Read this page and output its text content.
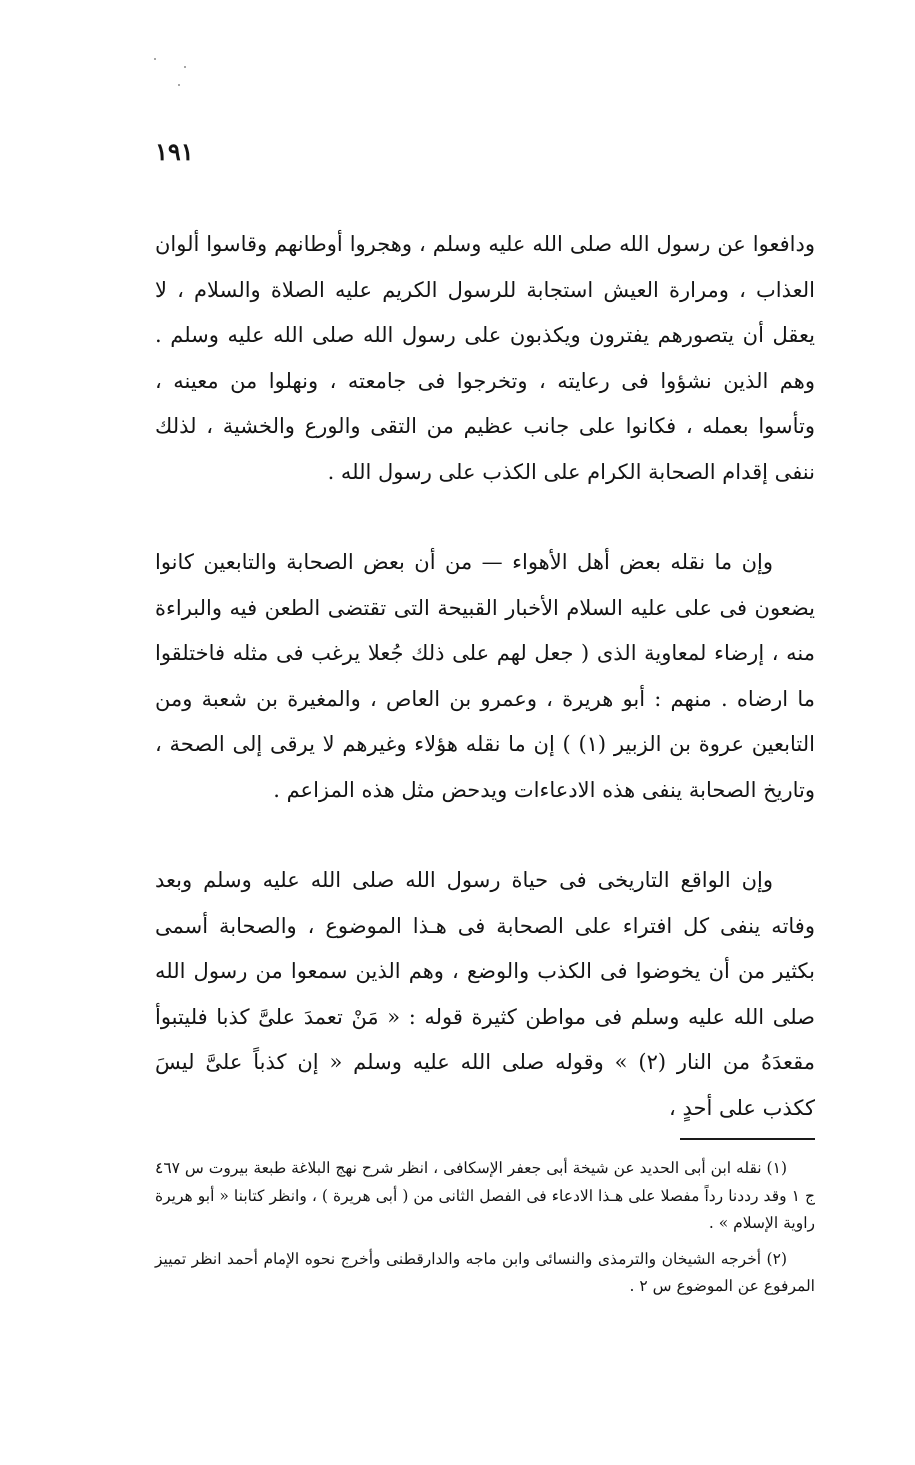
١٩١

ودافعوا عن رسول الله صلى الله عليه وسلم ، وهجروا أوطانهم وقاسوا ألوان العذاب ، ومرارة العيش استجابة للرسول الكريم عليه الصلاة والسلام ، لا يعقل أن يتصورهم يفترون ويكذبون على رسول الله صلى الله عليه وسلم . وهم الذين نشؤوا فى رعايته ، وتخرجوا فى جامعته ، ونهلوا من معينه ، وتأسوا بعمله ، فكانوا على جانب عظيم من التقى والورع والخشية ، لذلك ننفى إقدام الصحابة الكرام على الكذب على رسول الله .

وإن ما نقله بعض أهل الأهواء — من أن بعض الصحابة والتابعين كانوا يضعون فى على عليه السلام الأخبار القبيحة التى تقتضى الطعن فيه والبراءة منه ، إرضاء لمعاوية الذى ( جعل لهم على ذلك جُعلا يرغب فى مثله فاختلقوا ما ارضاه . منهم : أبو هريرة ، وعمرو بن العاص ، والمغيرة بن شعبة ومن التابعين عروة بن الزبير (١) ) إن ما نقله هؤلاء وغيرهم لا يرقى إلى الصحة ، وتاريخ الصحابة ينفى هذه الادعاءات ويدحض مثل هذه المزاعم .

وإن الواقع التاريخى فى حياة رسول الله صلى الله عليه وسلم وبعد وفاته ينفى كل افتراء على الصحابة فى هـذا الموضوع ، والصحابة أسمى بكثير من أن يخوضوا فى الكذب والوضع ، وهم الذين سمعوا من رسول الله صلى الله عليه وسلم فى مواطن كثيرة قوله : « مَنْ تعمدَ علىَّ كذبا فليتبوأ مقعدَهُ من النار (٢) » وقوله صلى الله عليه وسلم « إن كذباً علىَّ ليسَ ككذب على أحدٍ ،

(١) نقله ابن أبى الحديد عن شيخة أبى جعفر الإسكافى ، انظر شرح نهج البلاغة طبعة بيروت س ٤٦٧ ج ١ وقد رددنا رداً مفصلا على هـذا الادعاء فى الفصل الثانى من ( أبى هريرة ) ، وانظر كتابنا « أبو هريرة راوية الإسلام » .

(٢) أخرجه الشيخان والترمذى والنسائى وابن ماجه والدارقطنى وأخرج نحوه الإمام أحمد انظر تمييز المرفوع عن الموضوع س ٢ .
